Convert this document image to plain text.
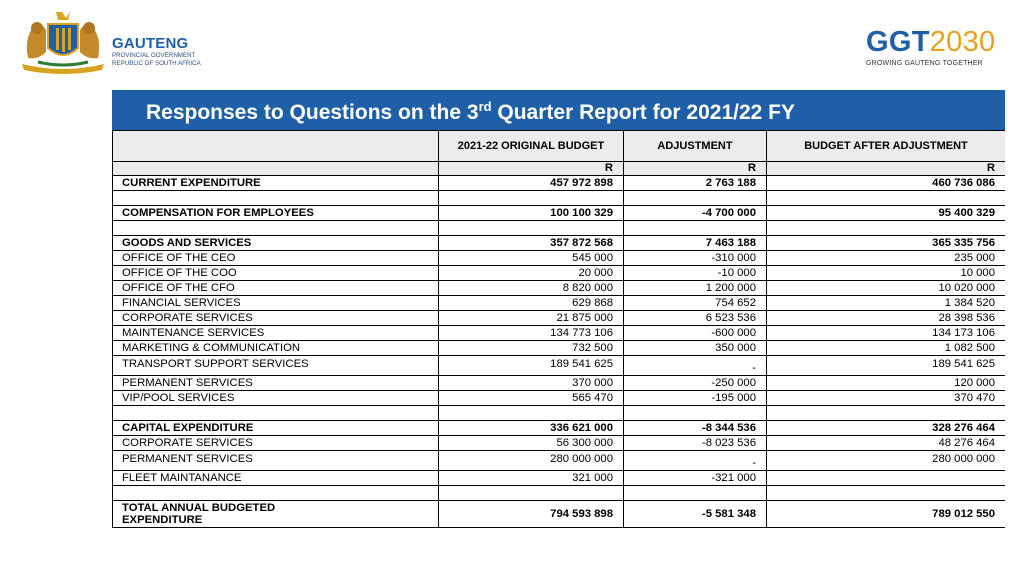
GAUTENG
PROVINCIAL GOVERNMENT
REPUBLIC OF SOUTH AFRICA
GGT2030
GROWING GAUTENG TOGETHER
Responses to Questions on the 3rd Quarter Report for 2021/22 FY
	2021-22 ORIGINAL BUDGET	ADJUSTMENT	BUDGET AFTER ADJUSTMENT
	R	R	R
CURRENT EXPENDITURE	457 972 898	2 763 188	460 736 086

COMPENSATION FOR EMPLOYEES	100 100 329	-4 700 000	95 400 329

GOODS AND SERVICES	357 872 568	7 463 188	365 335 756
OFFICE OF THE CEO	545 000	-310 000	235 000
OFFICE OF THE COO	20 000	-10 000	10 000
OFFICE OF THE CFO	8 820 000	1 200 000	10 020 000
FINANCIAL SERVICES	629 868	754 652	1 384 520
CORPORATE SERVICES	21 875 000	6 523 536	28 398 536
MAINTENANCE SERVICES	134 773 106	-600 000	134 173 106
MARKETING & COMMUNICATION	732 500	350 000	1 082 500
TRANSPORT SUPPORT SERVICES	189 541 625	-	189 541 625
PERMANENT SERVICES	370 000	-250 000	120 000
VIP/POOL SERVICES	565 470	-195 000	370 470

CAPITAL EXPENDITURE	336 621 000	-8 344 536	328 276 464
CORPORATE SERVICES	56 300 000	-8 023 536	48 276 464
PERMANENT SERVICES	280 000 000	-	280 000 000
FLEET MAINTANANCE	321 000	-321 000	

TOTAL ANNUAL BUDGETED
EXPENDITURE	794 593 898	-5 581 348	789 012 550
